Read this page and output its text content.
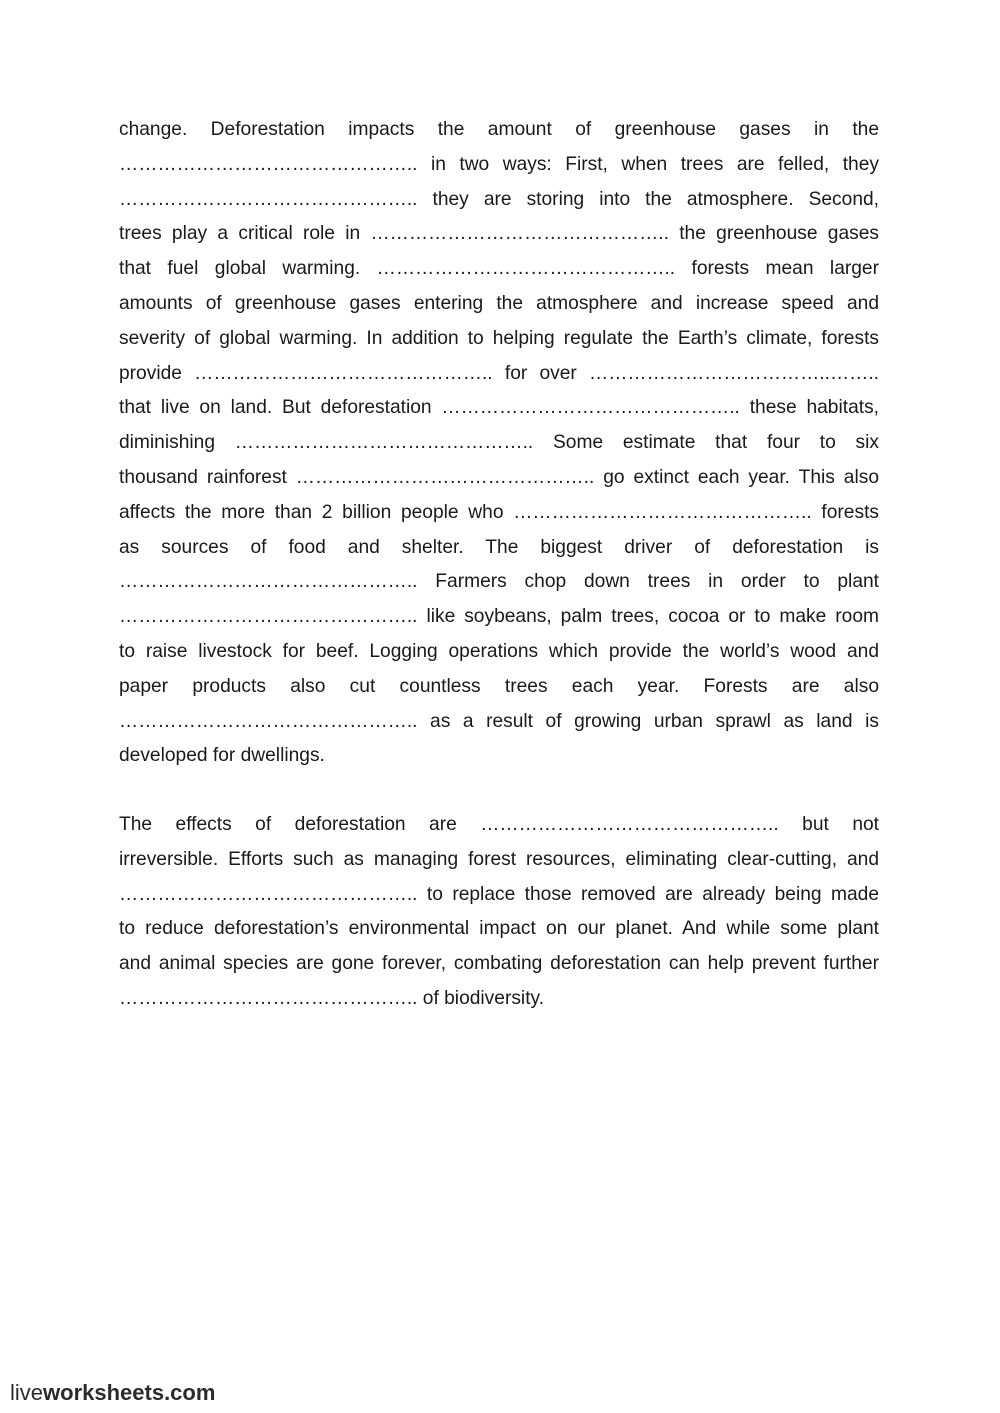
change. Deforestation impacts the amount of greenhouse gases in the
……………………………………….. in two ways: First, when trees are felled, they
……………………………………….. they are storing into the atmosphere. Second,
trees play a critical role in ……………………………………….. the greenhouse gases
that fuel global warming. ……………………………………….. forests mean larger
amounts of greenhouse gases entering the atmosphere and increase speed and
severity of global warming. In addition to helping regulate the Earth’s climate, forests
provide ……………………………………….. for over ………………………………..……..
that live on land. But deforestation ……………………………………….. these habitats,
diminishing ……………………………………….. Some estimate that four to six
thousand rainforest ……………………………………….. go extinct each year. This also
affects the more than 2 billion people who ……………………………………….. forests
as sources of food and shelter. The biggest driver of deforestation is
……………………………………….. Farmers chop down trees in order to plant
……………………………………….. like soybeans, palm trees, cocoa or to make room
to raise livestock for beef. Logging operations which provide the world’s wood and
paper products also cut countless trees each year. Forests are also
……………………………………….. as a result of growing urban sprawl as land is
developed for dwellings.
The effects of deforestation are ……………………………………….. but not
irreversible. Efforts such as managing forest resources, eliminating clear-cutting, and
……………………………………….. to replace those removed are already being made
to reduce deforestation’s environmental impact on our planet. And while some plant
and animal species are gone forever, combating deforestation can help prevent further
……………………………………….. of biodiversity.
liveworksheets.com
